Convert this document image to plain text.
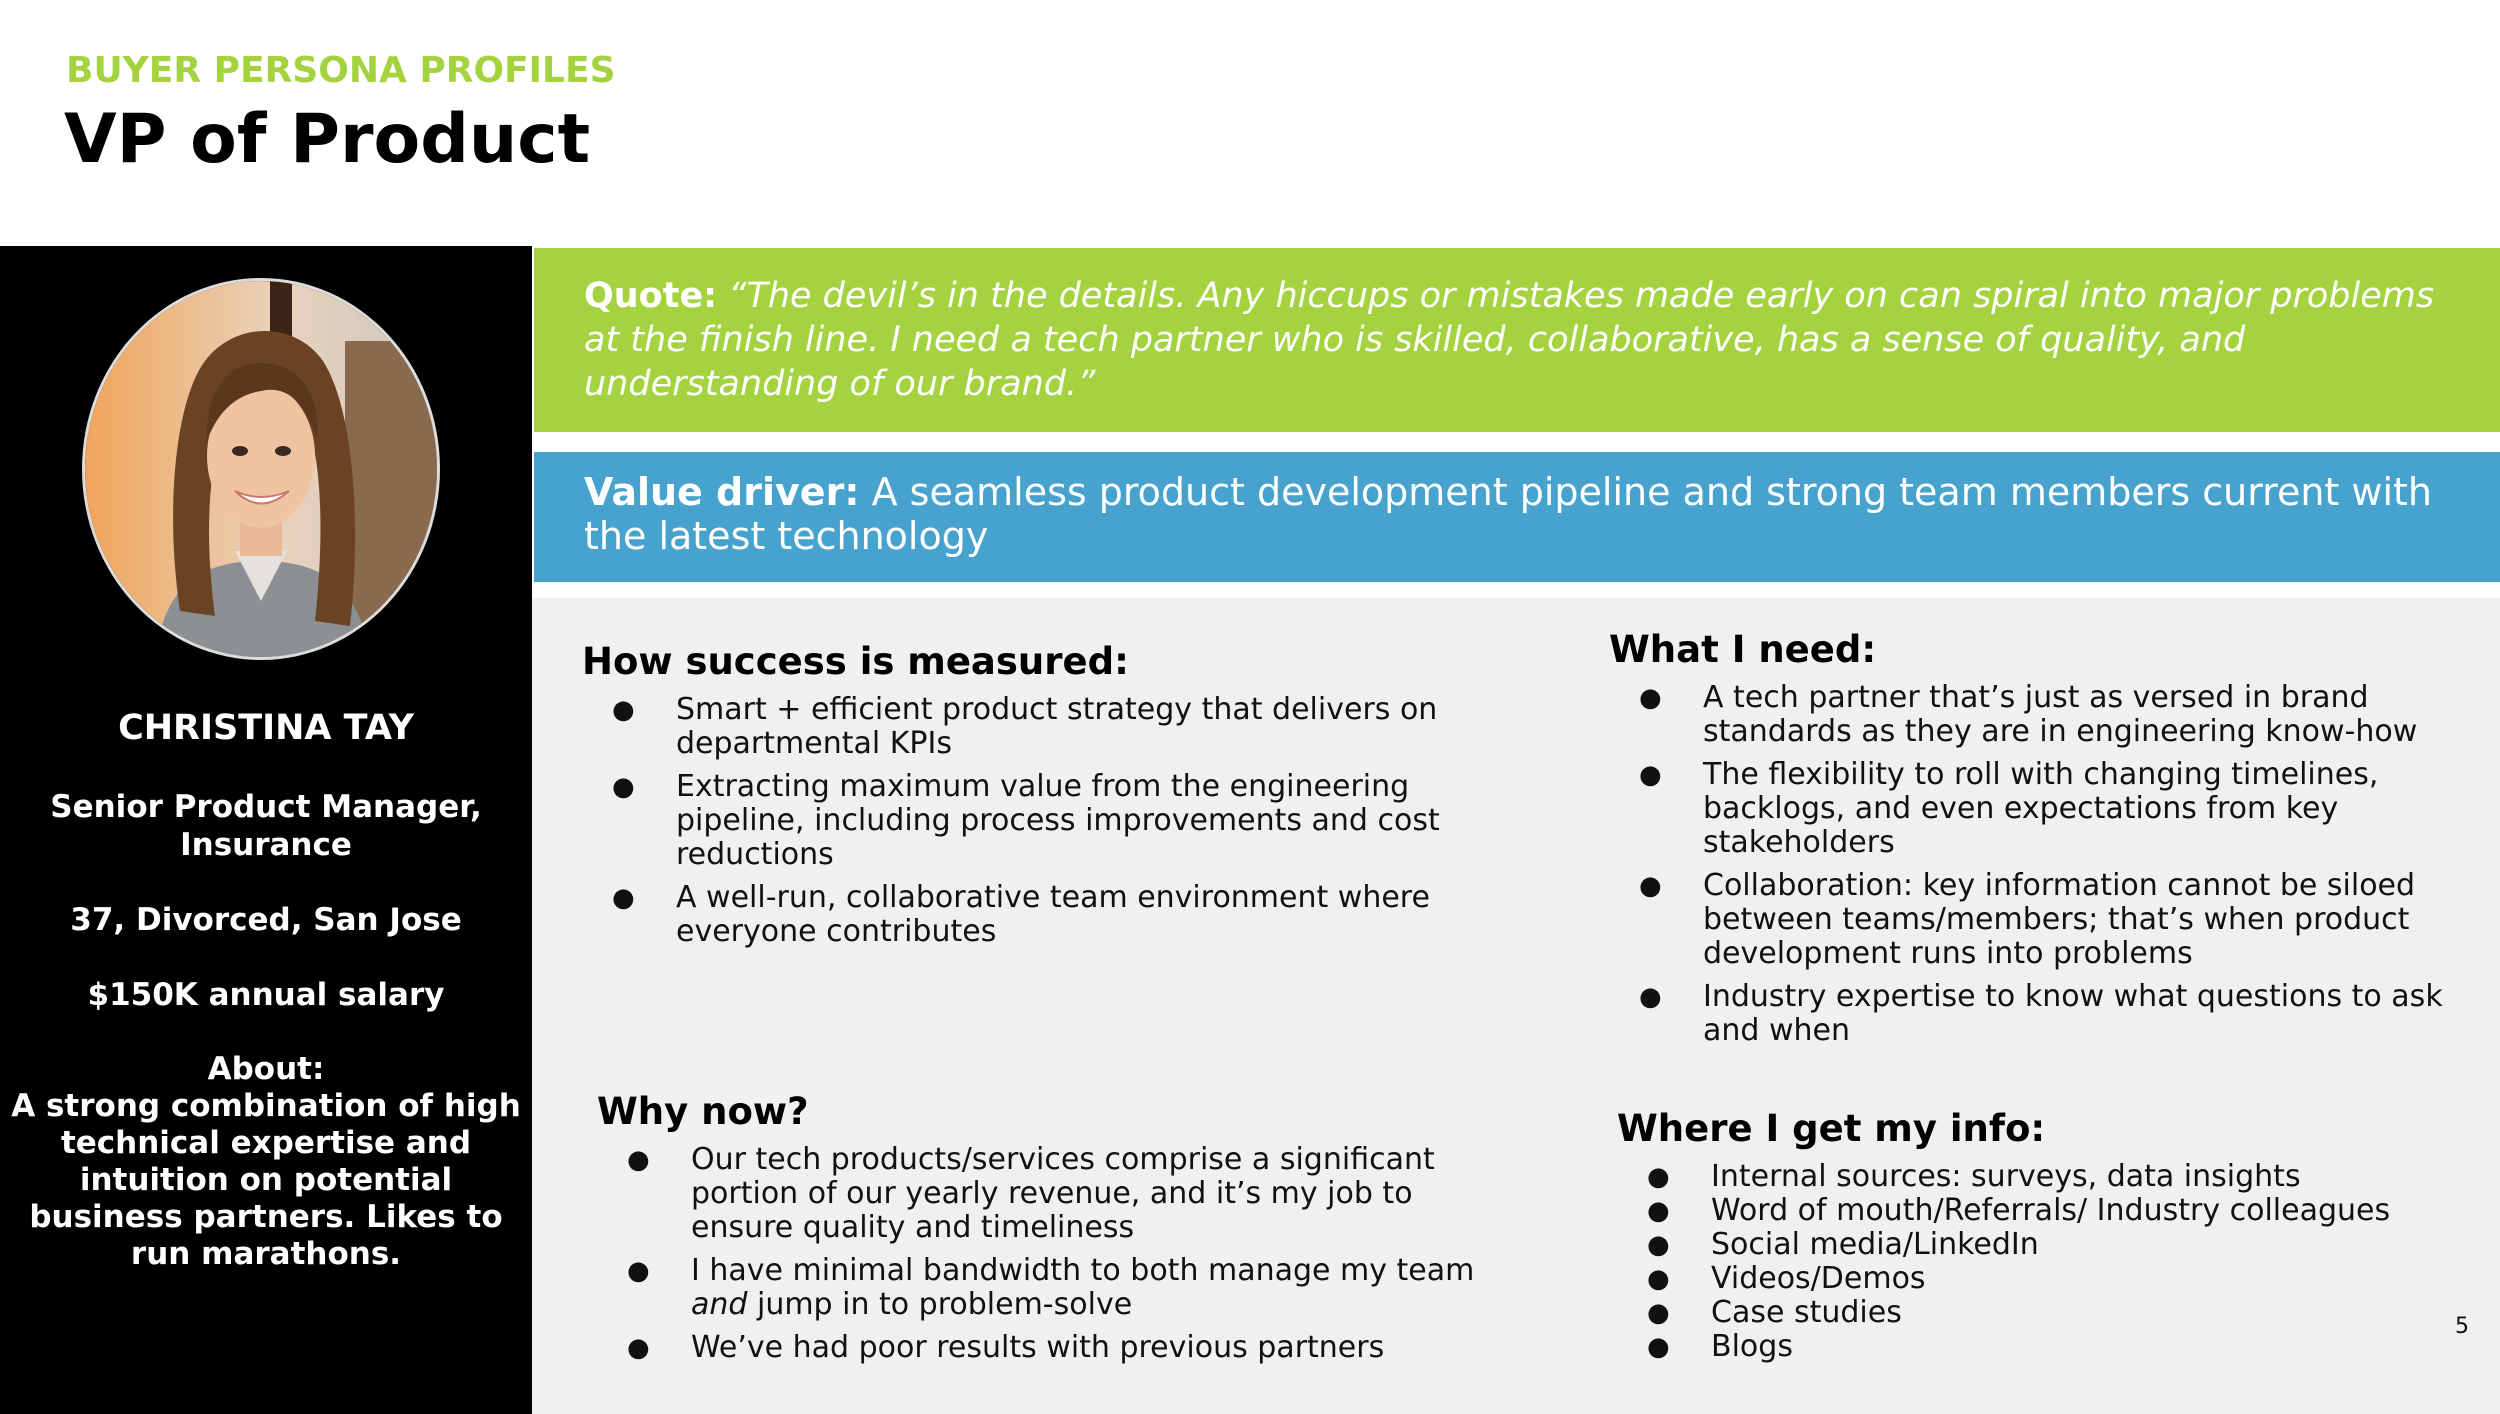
BUYER PERSONA PROFILES
VP of Product
CHRISTINA TAY
Senior Product Manager, Insurance
37, Divorced, San Jose
$150K annual salary
About:
A strong combination of high technical expertise and intuition on potential business partners. Likes to run marathons.
Quote: “The devil’s in the details. Any hiccups or mistakes made early on can spiral into major problems at the finish line. I need a tech partner who is skilled, collaborative, has a sense of quality, and understanding of our brand.”
Value driver: A seamless product development pipeline and strong team members current with the latest technology
How success is measured:
● Smart + efficient product strategy that delivers on departmental KPIs
● Extracting maximum value from the engineering pipeline, including process improvements and cost reductions
● A well-run, collaborative team environment where everyone contributes
What I need:
● A tech partner that’s just as versed in brand standards as they are in engineering know-how
● The flexibility to roll with changing timelines, backlogs, and even expectations from key stakeholders
● Collaboration: key information cannot be siloed between teams/members; that’s when product development runs into problems
● Industry expertise to know what questions to ask and when
Why now?
● Our tech products/services comprise a significant portion of our yearly revenue, and it’s my job to ensure quality and timeliness
● I have minimal bandwidth to both manage my team and jump in to problem-solve
● We’ve had poor results with previous partners
Where I get my info:
● Internal sources: surveys, data insights
● Word of mouth/Referrals/ Industry colleagues
● Social media/LinkedIn
● Videos/Demos
● Case studies
● Blogs
5
